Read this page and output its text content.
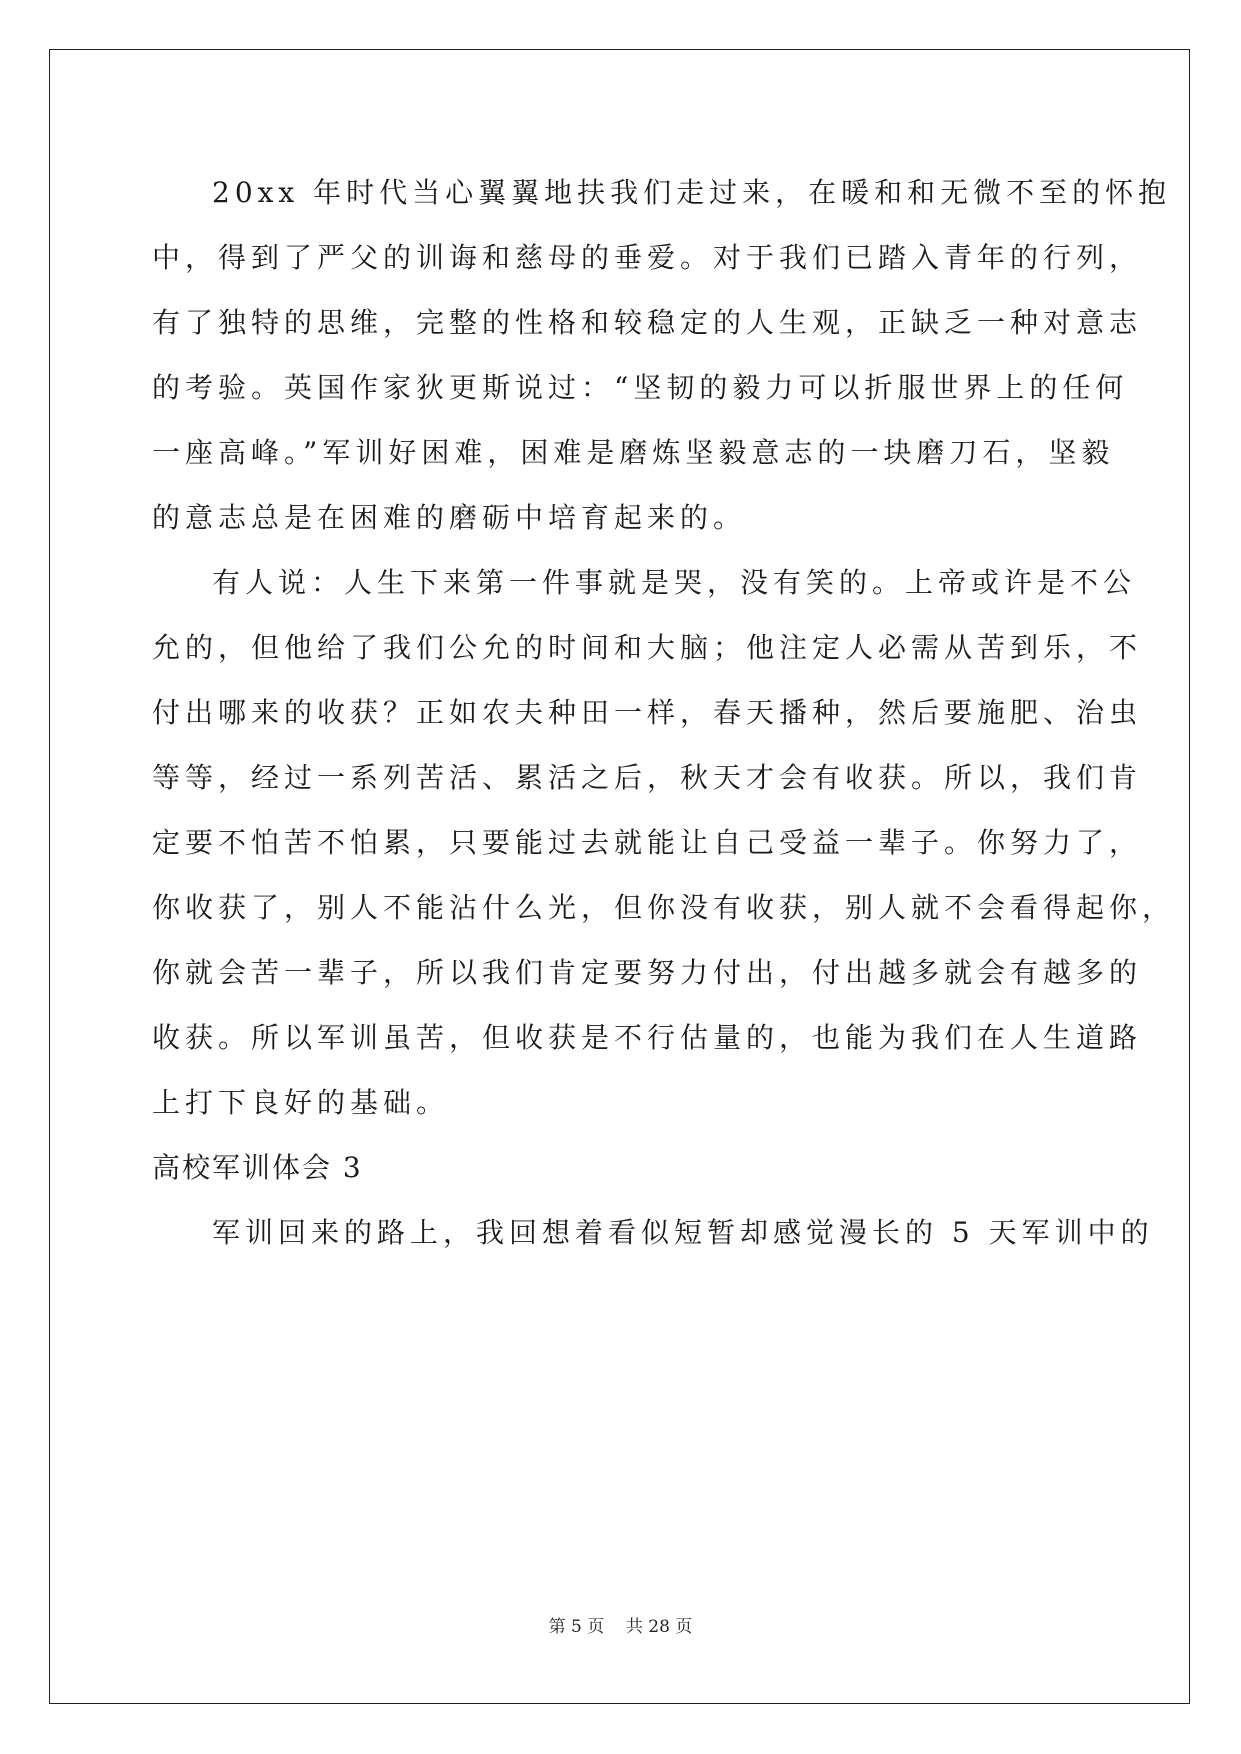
20xx 年时代当心翼翼地扶我们走过来，在暖和和无微不至的怀抱

中，得到了严父的训诲和慈母的垂爱。对于我们已踏入青年的行列，

有了独特的思维，完整的性格和较稳定的人生观，正缺乏一种对意志

的考验。英国作家狄更斯说过：“坚韧的毅力可以折服世界上的任何

一座高峰。”军训好困难，困难是磨炼坚毅意志的一块磨刀石，坚毅

的意志总是在困难的磨砺中培育起来的。

有人说：人生下来第一件事就是哭，没有笑的。上帝或许是不公

允的，但他给了我们公允的时间和大脑；他注定人必需从苦到乐，不

付出哪来的收获？正如农夫种田一样，春天播种，然后要施肥、治虫

等等，经过一系列苦活、累活之后，秋天才会有收获。所以，我们肯

定要不怕苦不怕累，只要能过去就能让自己受益一辈子。你努力了，

你收获了，别人不能沾什么光，但你没有收获，别人就不会看得起你，

你就会苦一辈子，所以我们肯定要努力付出，付出越多就会有越多的

收获。所以军训虽苦，但收获是不行估量的，也能为我们在人生道路

上打下良好的基础。

高校军训体会 3

军训回来的路上，我回想着看似短暂却感觉漫长的 5 天军训中的

第 5 页    共 28 页
